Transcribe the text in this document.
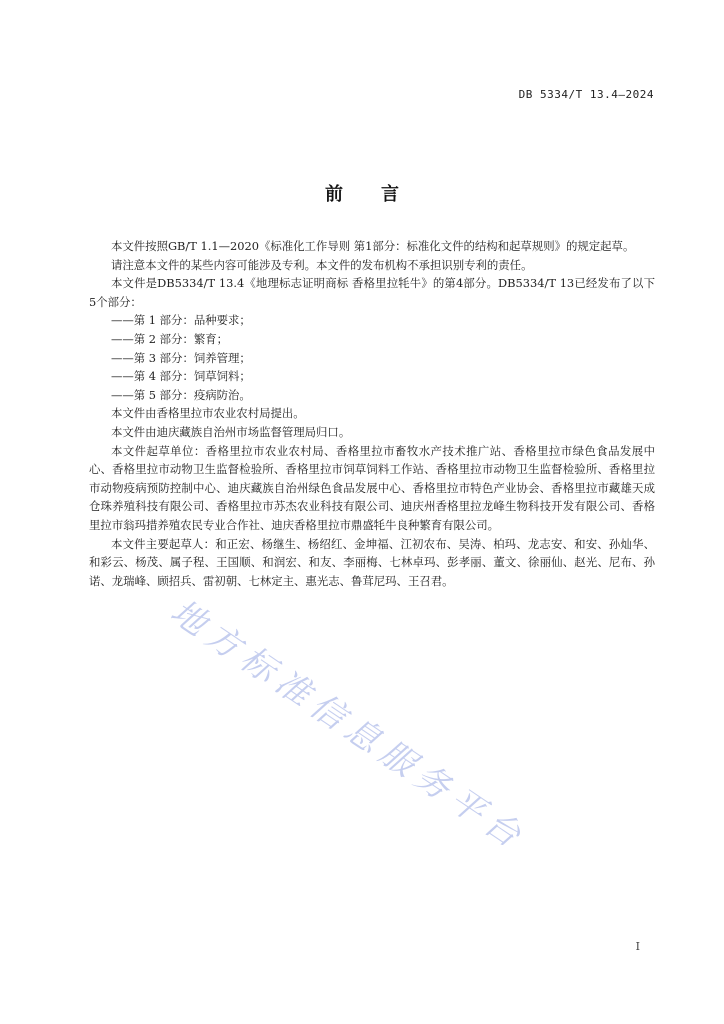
DB 5334/T 13.4—2024
前言

本文件按照GB/T 1.1—2020《标准化工作导则 第1部分：标准化文件的结构和起草规则》的规定起草。

请注意本文件的某些内容可能涉及专利。本文件的发布机构不承担识别专利的责任。

本文件是DB5334/T 13.4《地理标志证明商标 香格里拉牦牛》的第4部分。DB5334/T 13已经发布了以下5个部分：

——第 1 部分：品种要求；

——第 2 部分：繁育；

——第 3 部分：饲养管理；

——第 4 部分：饲草饲料；

——第 5 部分：疫病防治。

本文件由香格里拉市农业农村局提出。

本文件由迪庆藏族自治州市场监督管理局归口。

本文件起草单位：香格里拉市农业农村局、香格里拉市畜牧水产技术推广站、香格里拉市绿色食品发展中心、香格里拉市动物卫生监督检验所、香格里拉市饲草饲料工作站、香格里拉市动物卫生监督检验所、香格里拉市动物疫病预防控制中心、迪庆藏族自治州绿色食品发展中心、香格里拉市特色产业协会、香格里拉市藏雄天成仓珠养殖科技有限公司、香格里拉市苏杰农业科技有限公司、迪庆州香格里拉龙峰生物科技开发有限公司、香格里拉市翁玛措养殖农民专业合作社、迪庆香格里拉市鼎盛牦牛良种繁育有限公司。

本文件主要起草人：和正宏、杨继生、杨绍红、金坤福、江初农布、吴涛、柏玛、龙志安、和安、孙灿华、和彩云、杨茂、属子程、王国顺、和润宏、和友、李丽梅、七林卓玛、彭孝丽、董文、徐丽仙、赵光、尼布、孙诺、龙瑞峰、顾招兵、雷初朝、七林定主、惠光志、鲁茸尼玛、王召君。

地方标准信息服务平台
I
